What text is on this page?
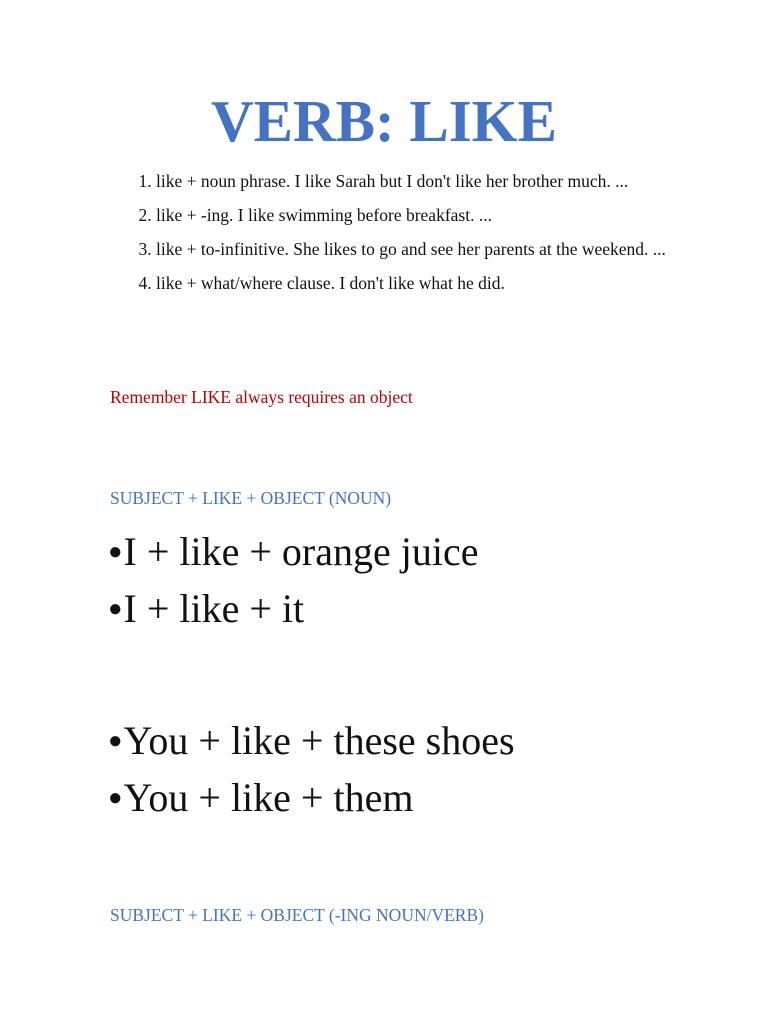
VERB: LIKE
1. like + noun phrase. I like Sarah but I don't like her brother much. ...
2. like + -ing. I like swimming before breakfast. ...
3. like + to-infinitive. She likes to go and see her parents at the weekend. ...
4. like + what/where clause. I don't like what he did.

Remember LIKE always requires an object

SUBJECT + LIKE + OBJECT (NOUN)

●I + like + orange juice

●I + like + it

●You + like + these shoes

●You + like + them

SUBJECT + LIKE + OBJECT (-ING NOUN/VERB)
